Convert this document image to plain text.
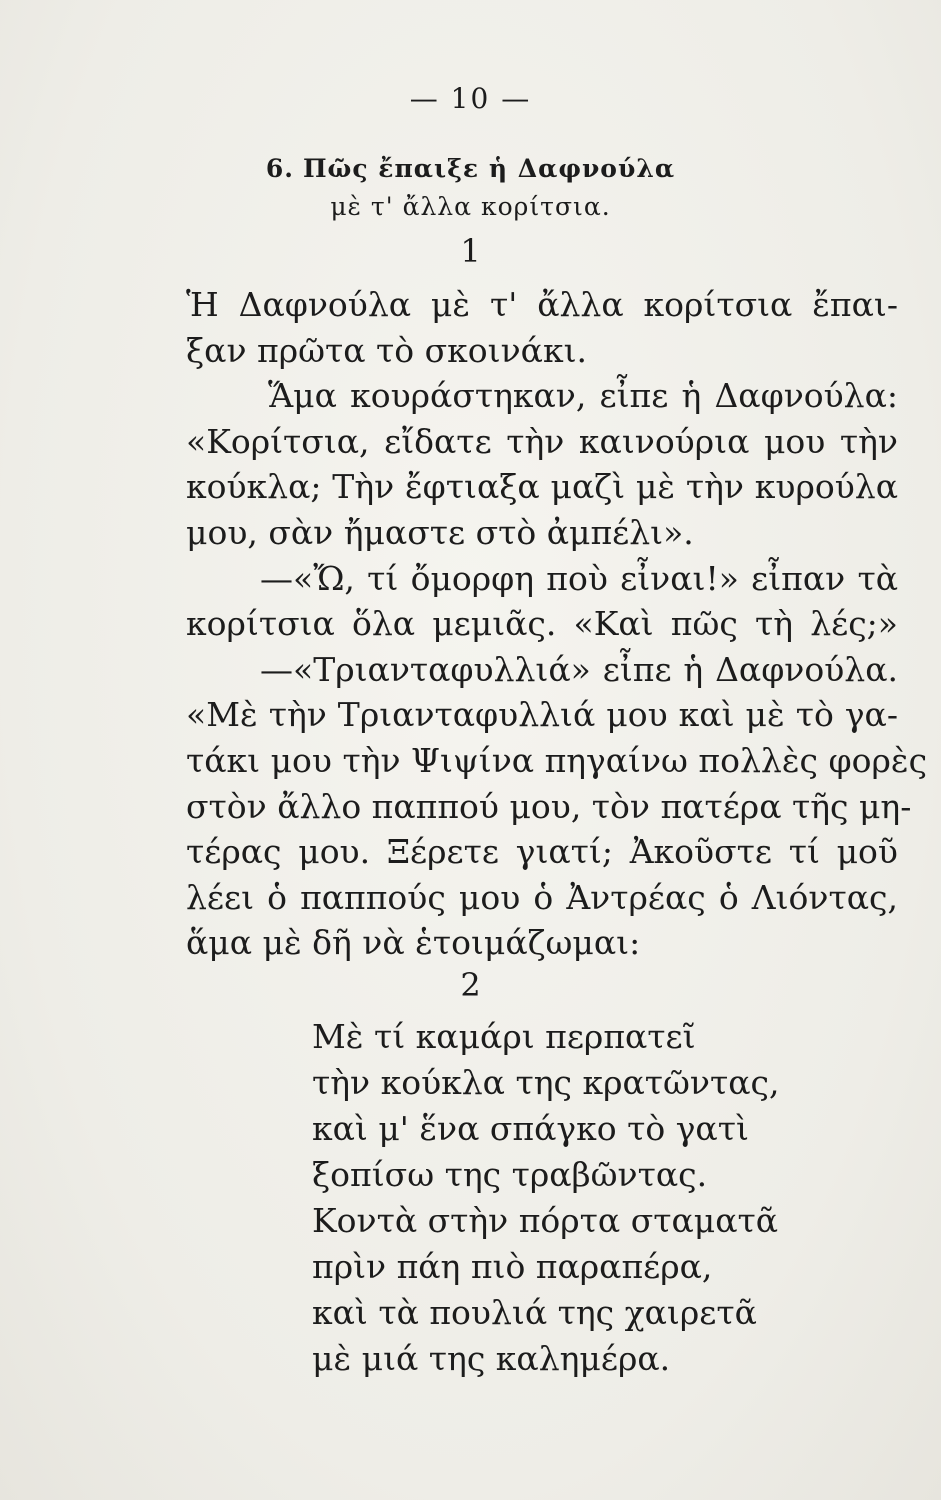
— 10 —
6. Πῶς ἔπαιξε ἡ Δαφνούλα
μὲ τ' ἄλλα κορίτσια.
1
Ἡ Δαφνούλα μὲ τ' ἄλλα κορίτσια ἔπαι-
ξαν πρῶτα τὸ σκοινάκι.
Ἅμα κουράστηκαν, εἶπε ἡ Δαφνούλα:
«Κορίτσια, εἴδατε τὴν καινούρια μου τὴν
κούκλα; Τὴν ἔφτιαξα μαζὶ μὲ τὴν κυρούλα
μου, σὰν ἤμαστε στὸ ἀμπέλι».
—«Ὤ, τί ὄμορφη ποὺ εἶναι!» εἶπαν τὰ
κορίτσια ὅλα μεμιᾶς. «Καὶ πῶς τὴ λές;»
—«Τριανταφυλλιά» εἶπε ἡ Δαφνούλα.
«Μὲ τὴν Τριανταφυλλιά μου καὶ μὲ τὸ γα-
τάκι μου τὴν Ψιψίνα πηγαίνω πολλὲς φορὲς
στὸν ἄλλο παππού μου, τὸν πατέρα τῆς μη-
τέρας μου. Ξέρετε γιατί; Ἀκοῦστε τί μοῦ
λέει ὁ παππούς μου ὁ Ἀντρέας ὁ Λιόντας,
ἅμα μὲ δῆ νὰ ἑτοιμάζωμαι:
2
Μὲ τί καμάρι περπατεῖ
τὴν κούκλα της κρατῶντας,
καὶ μ' ἕνα σπάγκο τὸ γατὶ
ξοπίσω της τραβῶντας.
Κοντὰ στὴν πόρτα σταματᾶ
πρὶν πάη πιὸ παραπέρα,
καὶ τὰ πουλιά της χαιρετᾶ
μὲ μιά της καλημέρα.
